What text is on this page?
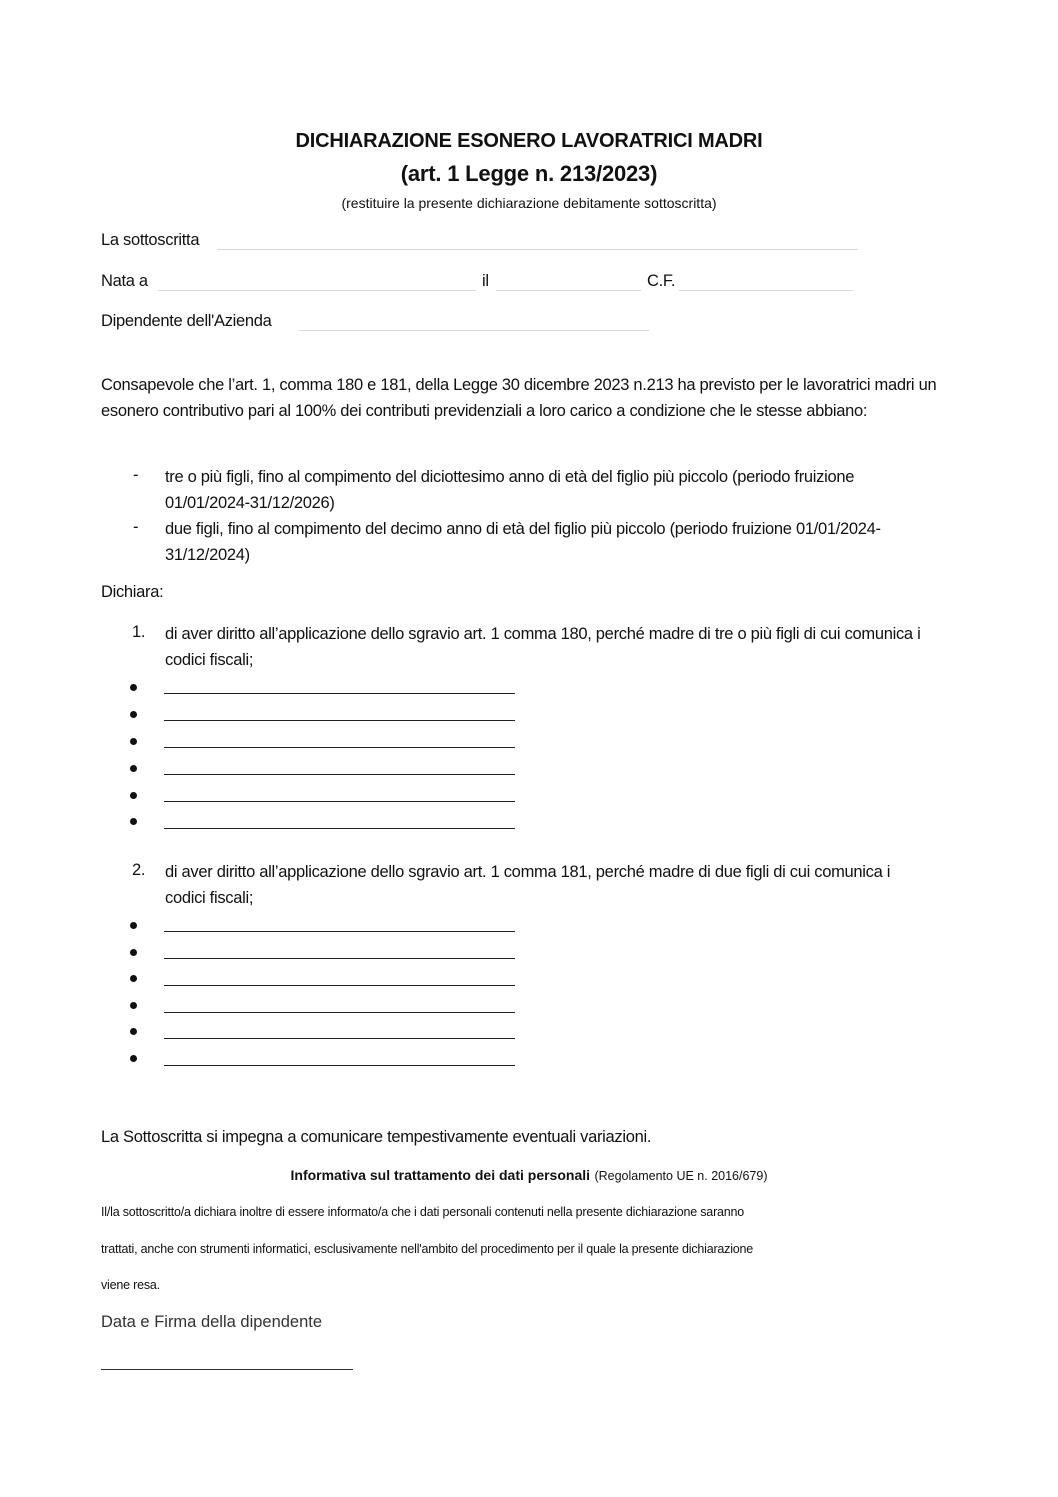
DICHIARAZIONE ESONERO LAVORATRICI MADRI
(art. 1 Legge n. 213/2023)
(restituire la presente dichiarazione debitamente sottoscritta)
La sottoscritta
Nata a	il	C.F.
Dipendente dell'Azienda
Consapevole che l’art. 1, comma 180 e 181, della Legge 30 dicembre 2023 n.213 ha previsto per le lavoratrici madri un esonero contributivo pari al 100% dei contributi previdenziali a loro carico a condizione che le stesse abbiano:
- tre o più figli, fino al compimento del diciottesimo anno di età del figlio più piccolo (periodo fruizione 01/01/2024-31/12/2026)
- due figli, fino al compimento del decimo anno di età del figlio più piccolo (periodo fruizione 01/01/2024-31/12/2024)
Dichiara:
1. di aver diritto all’applicazione dello sgravio art. 1 comma 180, perché madre di tre o più figli di cui comunica i codici fiscali;
2. di aver diritto all’applicazione dello sgravio art. 1 comma 181, perché madre di due figli di cui comunica i codici fiscali;
La Sottoscritta si impegna a comunicare tempestivamente eventuali variazioni.
Informativa sul trattamento dei dati personali (Regolamento UE n. 2016/679)
Il/la sottoscritto/a dichiara inoltre di essere informato/a che i dati personali contenuti nella presente dichiarazione saranno
trattati, anche con strumenti informatici, esclusivamente nell'ambito del procedimento per il quale la presente dichiarazione
viene resa.
Data e Firma della dipendente
